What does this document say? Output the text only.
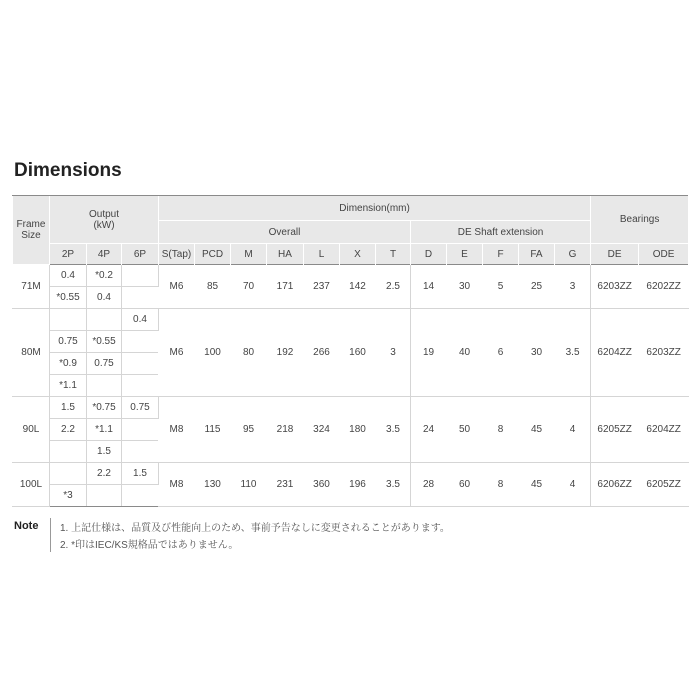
Dimensions
Frame
Size	Output
(kW)			Dimension(mm)												Bearings	
				Overall							DE Shaft extension						
	2P	4P	6P	S(Tap)	PCD	M	HA	L	X	T	D	E	F	FA	G	DE	ODE
71M	0.4	*0.2		M6	85	70	171	237	142	2.5	14	30	5	25	3	6203ZZ	6202ZZ
	*0.55	0.4															
80M			0.4	M6	100	80	192	266	160	3	19	40	6	30	3.5	6204ZZ	6203ZZ
	0.75	*0.55															
	*0.9	0.75															
	*1.1																
90L	1.5	*0.75	0.75	M8	115	95	218	324	180	3.5	24	50	8	45	4	6205ZZ	6204ZZ
	2.2	*1.1															
		1.5															
100L		2.2	1.5	M8	130	110	231	360	196	3.5	28	60	8	45	4	6206ZZ	6205ZZ
	*3																
Note 1. 上記仕様は、品質及び性能向上のため、事前予告なしに変更されることがあります。
2. *印はIEC/KS規格品ではありません。
